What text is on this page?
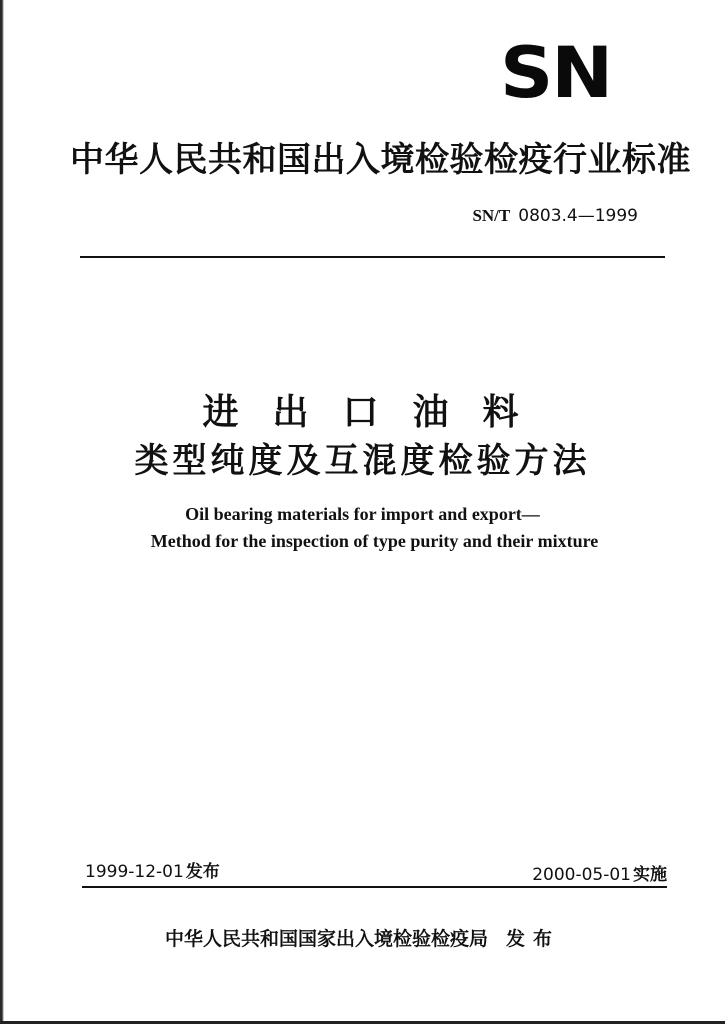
SN
中华人民共和国出入境检验检疫行业标准
SN/T 0803.4—1999
进出口油料
类型纯度及互混度检验方法
Oil bearing materials for import and export—
Method for the inspection of type purity and their mixture
1999-12-01 发布	2000-05-01 实施
中华人民共和国国家出入境检验检疫局 发布
